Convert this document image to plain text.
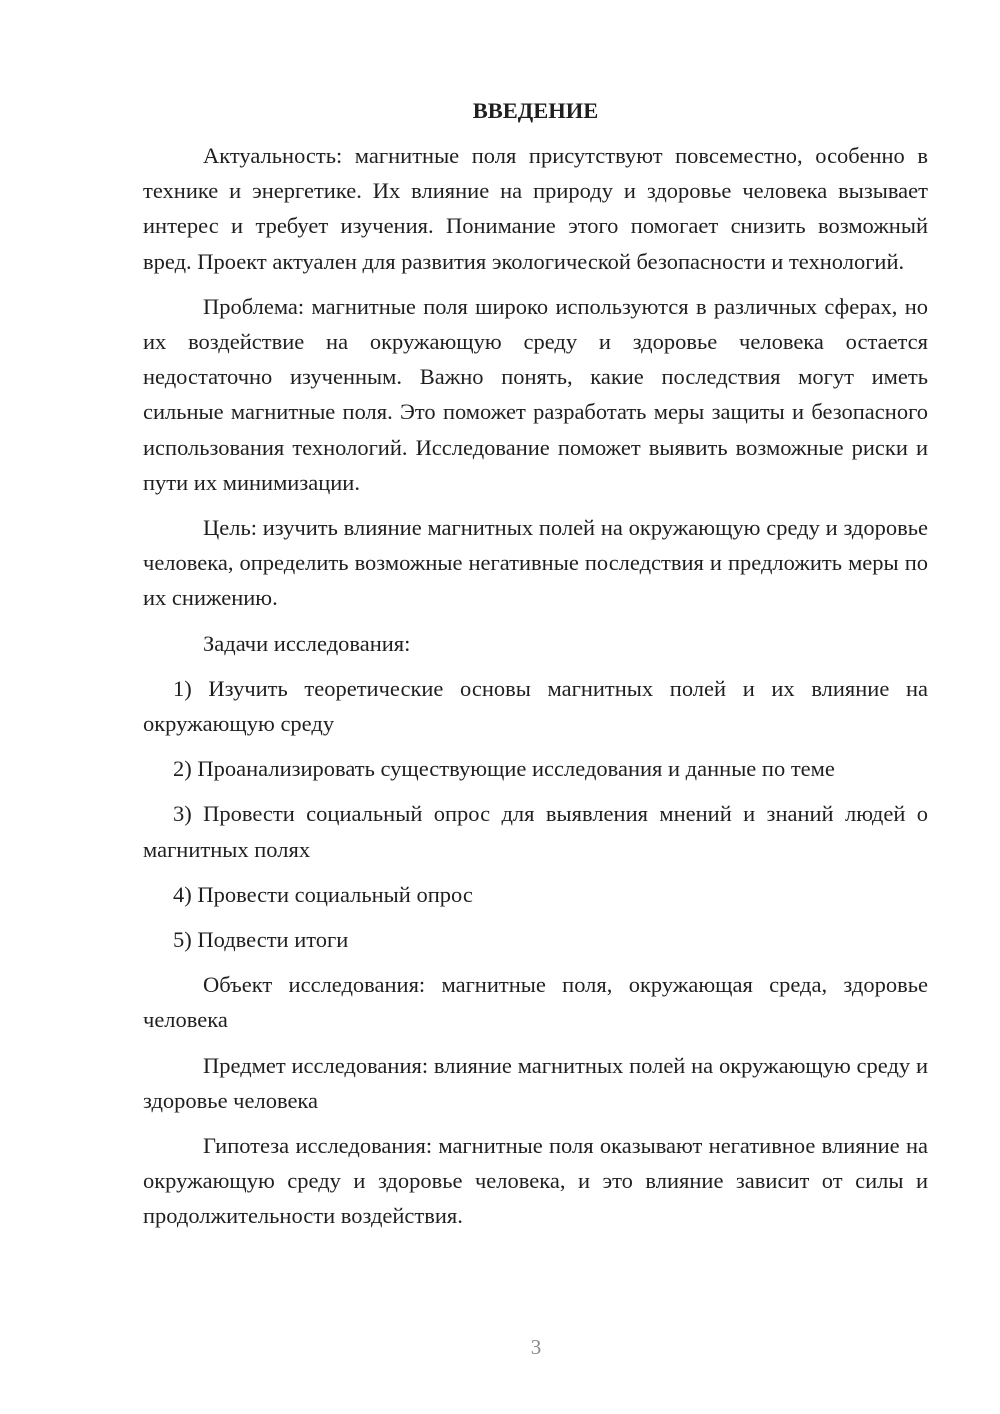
ВВЕДЕНИЕ

Актуальность: магнитные поля присутствуют повсеместно, особенно в технике и энергетике. Их влияние на природу и здоровье человека вызывает интерес и требует изучения. Понимание этого помогает снизить возможный вред. Проект актуален для развития экологической безопасности и технологий.

Проблема: магнитные поля широко используются в различных сферах, но их воздействие на окружающую среду и здоровье человека остается недостаточно изученным. Важно понять, какие последствия могут иметь сильные магнитные поля. Это поможет разработать меры защиты и безопасного использования технологий. Исследование поможет выявить возможные риски и пути их минимизации.

Цель: изучить влияние магнитных полей на окружающую среду и здоровье человека, определить возможные негативные последствия и предложить меры по их снижению.

Задачи исследования:

1) Изучить теоретические основы магнитных полей и их влияние на окружающую среду
2) Проанализировать существующие исследования и данные по теме
3) Провести социальный опрос для выявления мнений и знаний людей о магнитных полях
4) Провести социальный опрос
5) Подвести итоги

Объект исследования: магнитные поля, окружающая среда, здоровье человека

Предмет исследования: влияние магнитных полей на окружающую среду и здоровье человека

Гипотеза исследования: магнитные поля оказывают негативное влияние на окружающую среду и здоровье человека, и это влияние зависит от силы и продолжительности воздействия.

3
